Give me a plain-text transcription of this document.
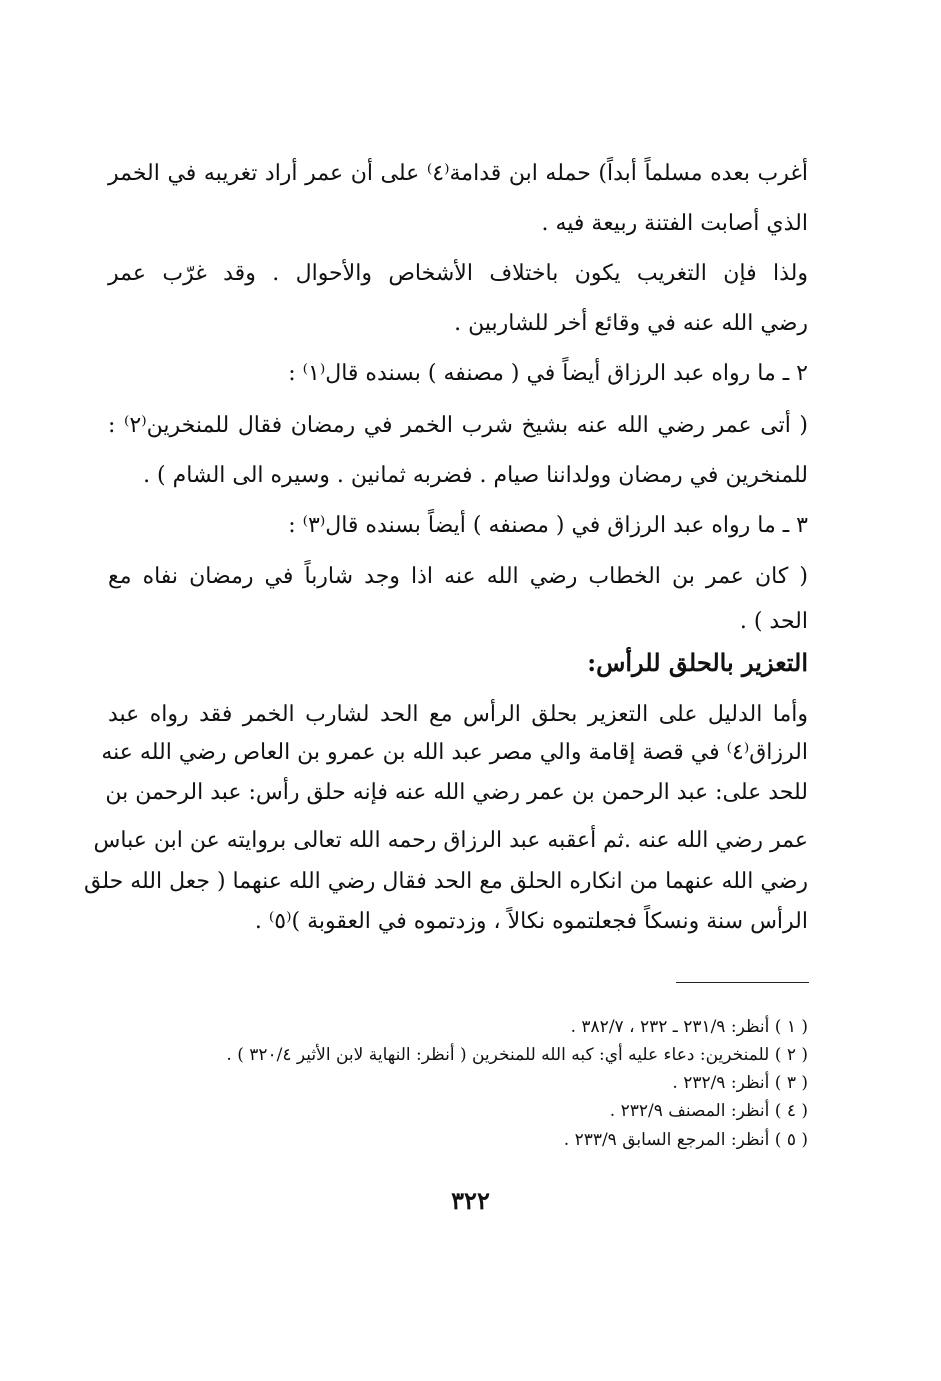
أغرب بعده مسلماً أبداً) حمله ابن قدامة⁽٤⁾ على أن عمر أراد تغريبه في الخمر
الذي أصابت الفتنة ربيعة فيه .
ولذا فإن التغريب يكون باختلاف الأشخاص والأحوال . وقد غرّب عمر
رضي الله عنه في وقائع أخر للشاربين .
٢ ـ ما رواه عبد الرزاق أيضاً في ( مصنفه ) بسنده قال⁽١⁾ :
( أتى عمر رضي الله عنه بشيخ شرب الخمر في رمضان فقال للمنخرين⁽٢⁾ :
للمنخرين في رمضان وولداننا صيام . فضربه ثمانين . وسيره الى الشام ) .
٣ ـ ما رواه عبد الرزاق في ( مصنفه ) أيضاً بسنده قال⁽٣⁾ :
( كان عمر بن الخطاب رضي الله عنه اذا وجد شارباً في رمضان نفاه مع
الحد ) .
التعزير بالحلق للرأس:
وأما الدليل على التعزير بحلق الرأس مع الحد لشارب الخمر فقد رواه عبد
الرزاق⁽٤⁾ في قصة إقامة والي مصر عبد الله بن عمرو بن العاص رضي الله عنه
للحد على: عبد الرحمن بن عمر رضي الله عنه فإنه حلق رأس: عبد الرحمن بن
عمر رضي الله عنه .ثم أعقبه عبد الرزاق رحمه الله تعالى بروايته عن ابن عباس
رضي الله عنهما من انكاره الحلق مع الحد فقال رضي الله عنهما ( جعل الله حلق
الرأس سنة ونسكاً فجعلتموه نكالاً ، وزدتموه في العقوبة )⁽٥⁾ .
( ١ ) أنظر: ٢٣١/٩ ـ ٢٣٢ ، ٣٨٢/٧ .
( ٢ ) للمنخرين: دعاء عليه أي: كبه الله للمنخرين ( أنظر: النهاية لابن الأثير ٣٢٠/٤ ) .
( ٣ ) أنظر: ٢٣٢/٩ .
( ٤ ) أنظر: المصنف ٢٣٢/٩ .
( ٥ ) أنظر: المرجع السابق ٢٣٣/٩ .
٣٢٢
